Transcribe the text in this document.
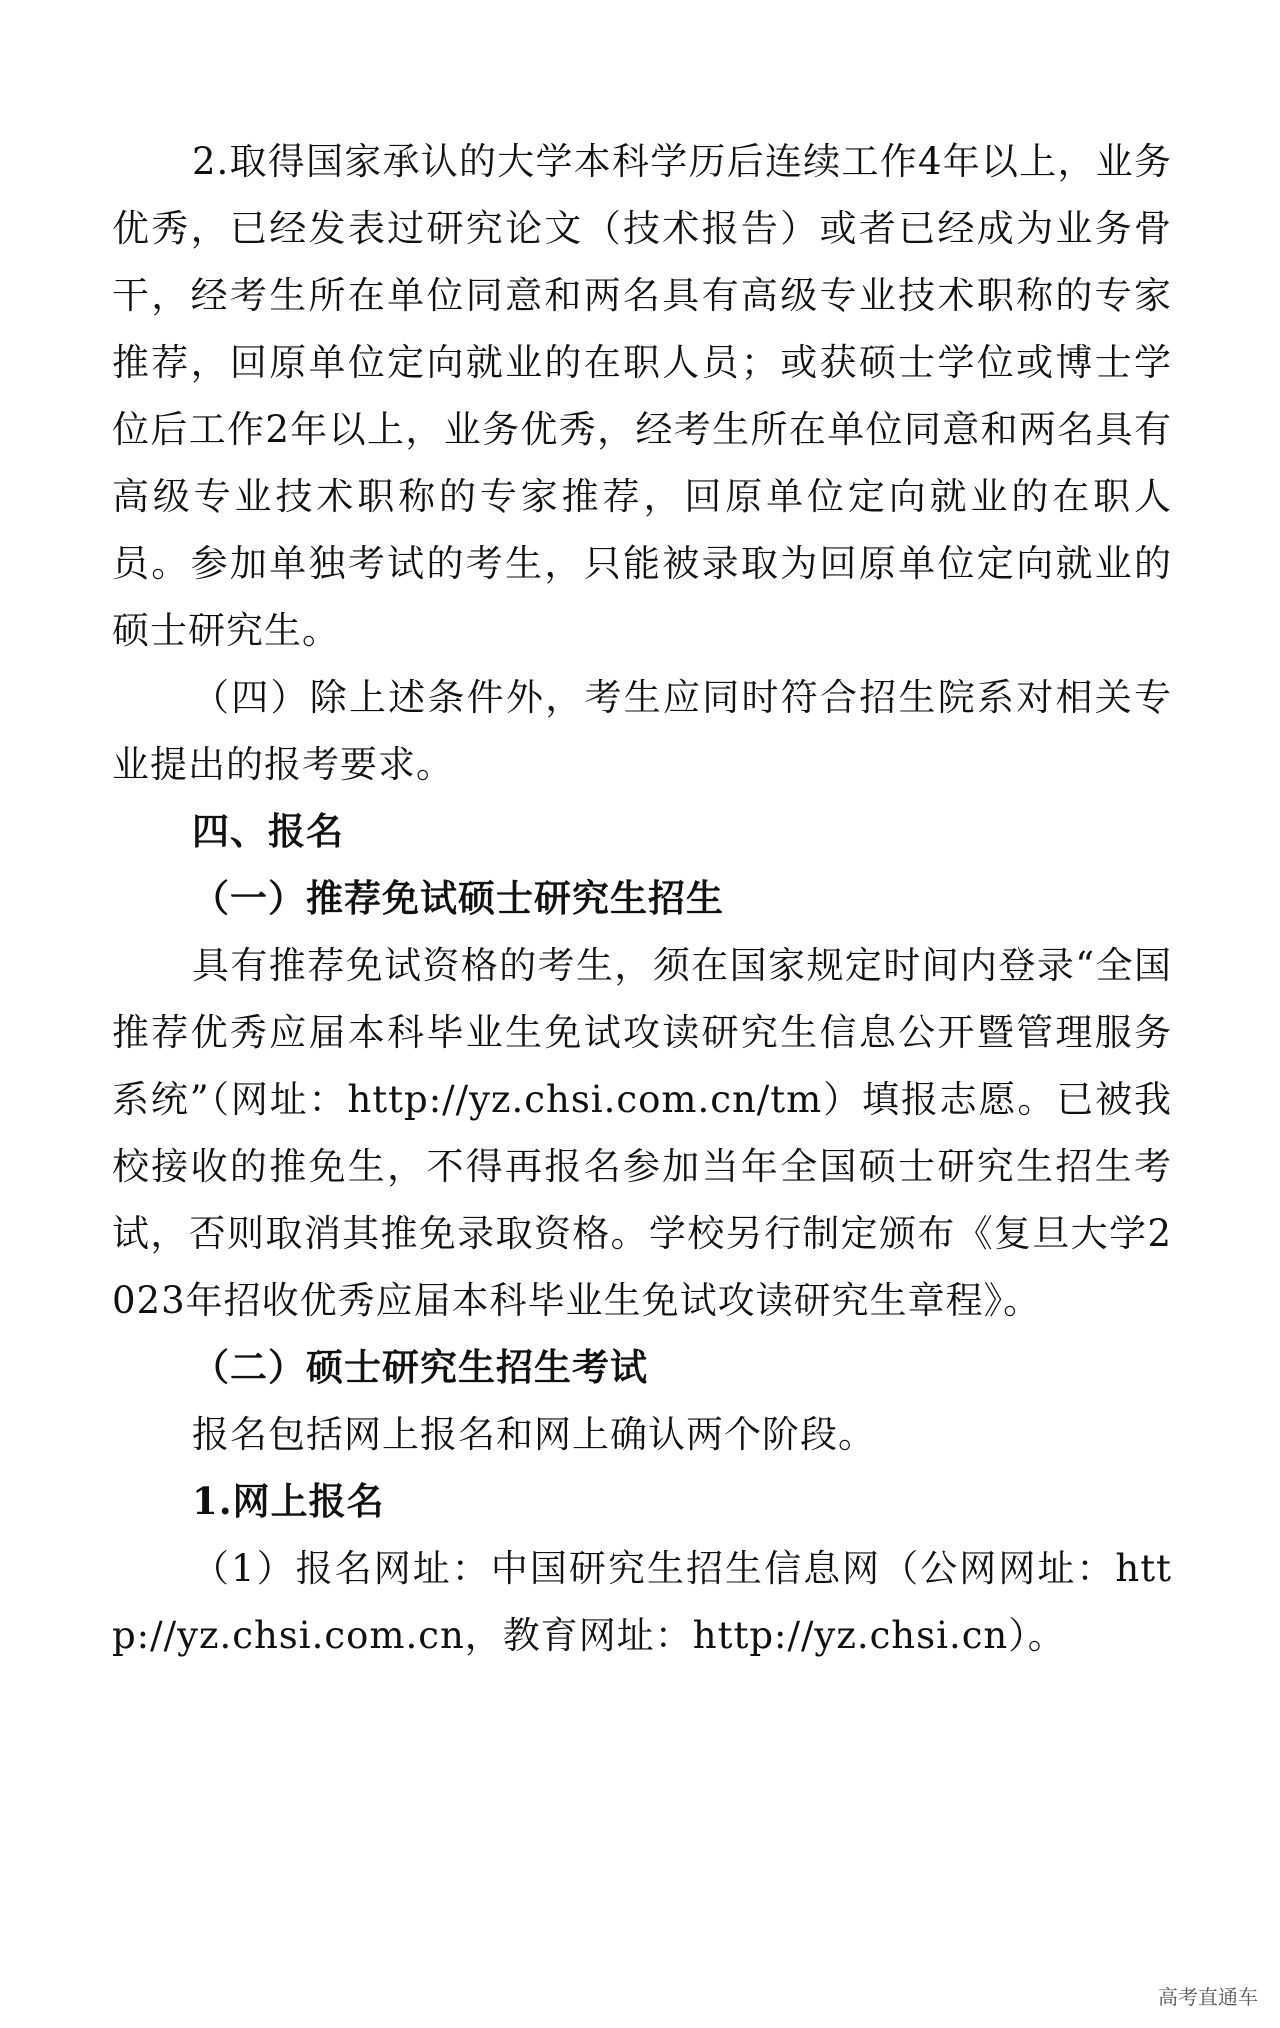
2.取得国家承认的大学本科学历后连续工作4年以上，业务优秀，已经发表过研究论文（技术报告）或者已经成为业务骨干，经考生所在单位同意和两名具有高级专业技术职称的专家推荐，回原单位定向就业的在职人员；或获硕士学位或博士学位后工作2年以上，业务优秀，经考生所在单位同意和两名具有高级专业技术职称的专家推荐，回原单位定向就业的在职人员。参加单独考试的考生，只能被录取为回原单位定向就业的硕士研究生。

（四）除上述条件外，考生应同时符合招生院系对相关专业提出的报考要求。

四、报名

（一）推荐免试硕士研究生招生

具有推荐免试资格的考生，须在国家规定时间内登录“全国推荐优秀应届本科毕业生免试攻读研究生信息公开暨管理服务系统”（网址：http://yz.chsi.com.cn/tm）填报志愿。已被我校接收的推免生，不得再报名参加当年全国硕士研究生招生考试，否则取消其推免录取资格。学校另行制定颁布《复旦大学2023年招收优秀应届本科毕业生免试攻读研究生章程》。

（二）硕士研究生招生考试

报名包括网上报名和网上确认两个阶段。

1.网上报名

（1）报名网址：中国研究生招生信息网（公网网址：http://yz.chsi.com.cn，教育网址：http://yz.chsi.cn）。

高考直通车
